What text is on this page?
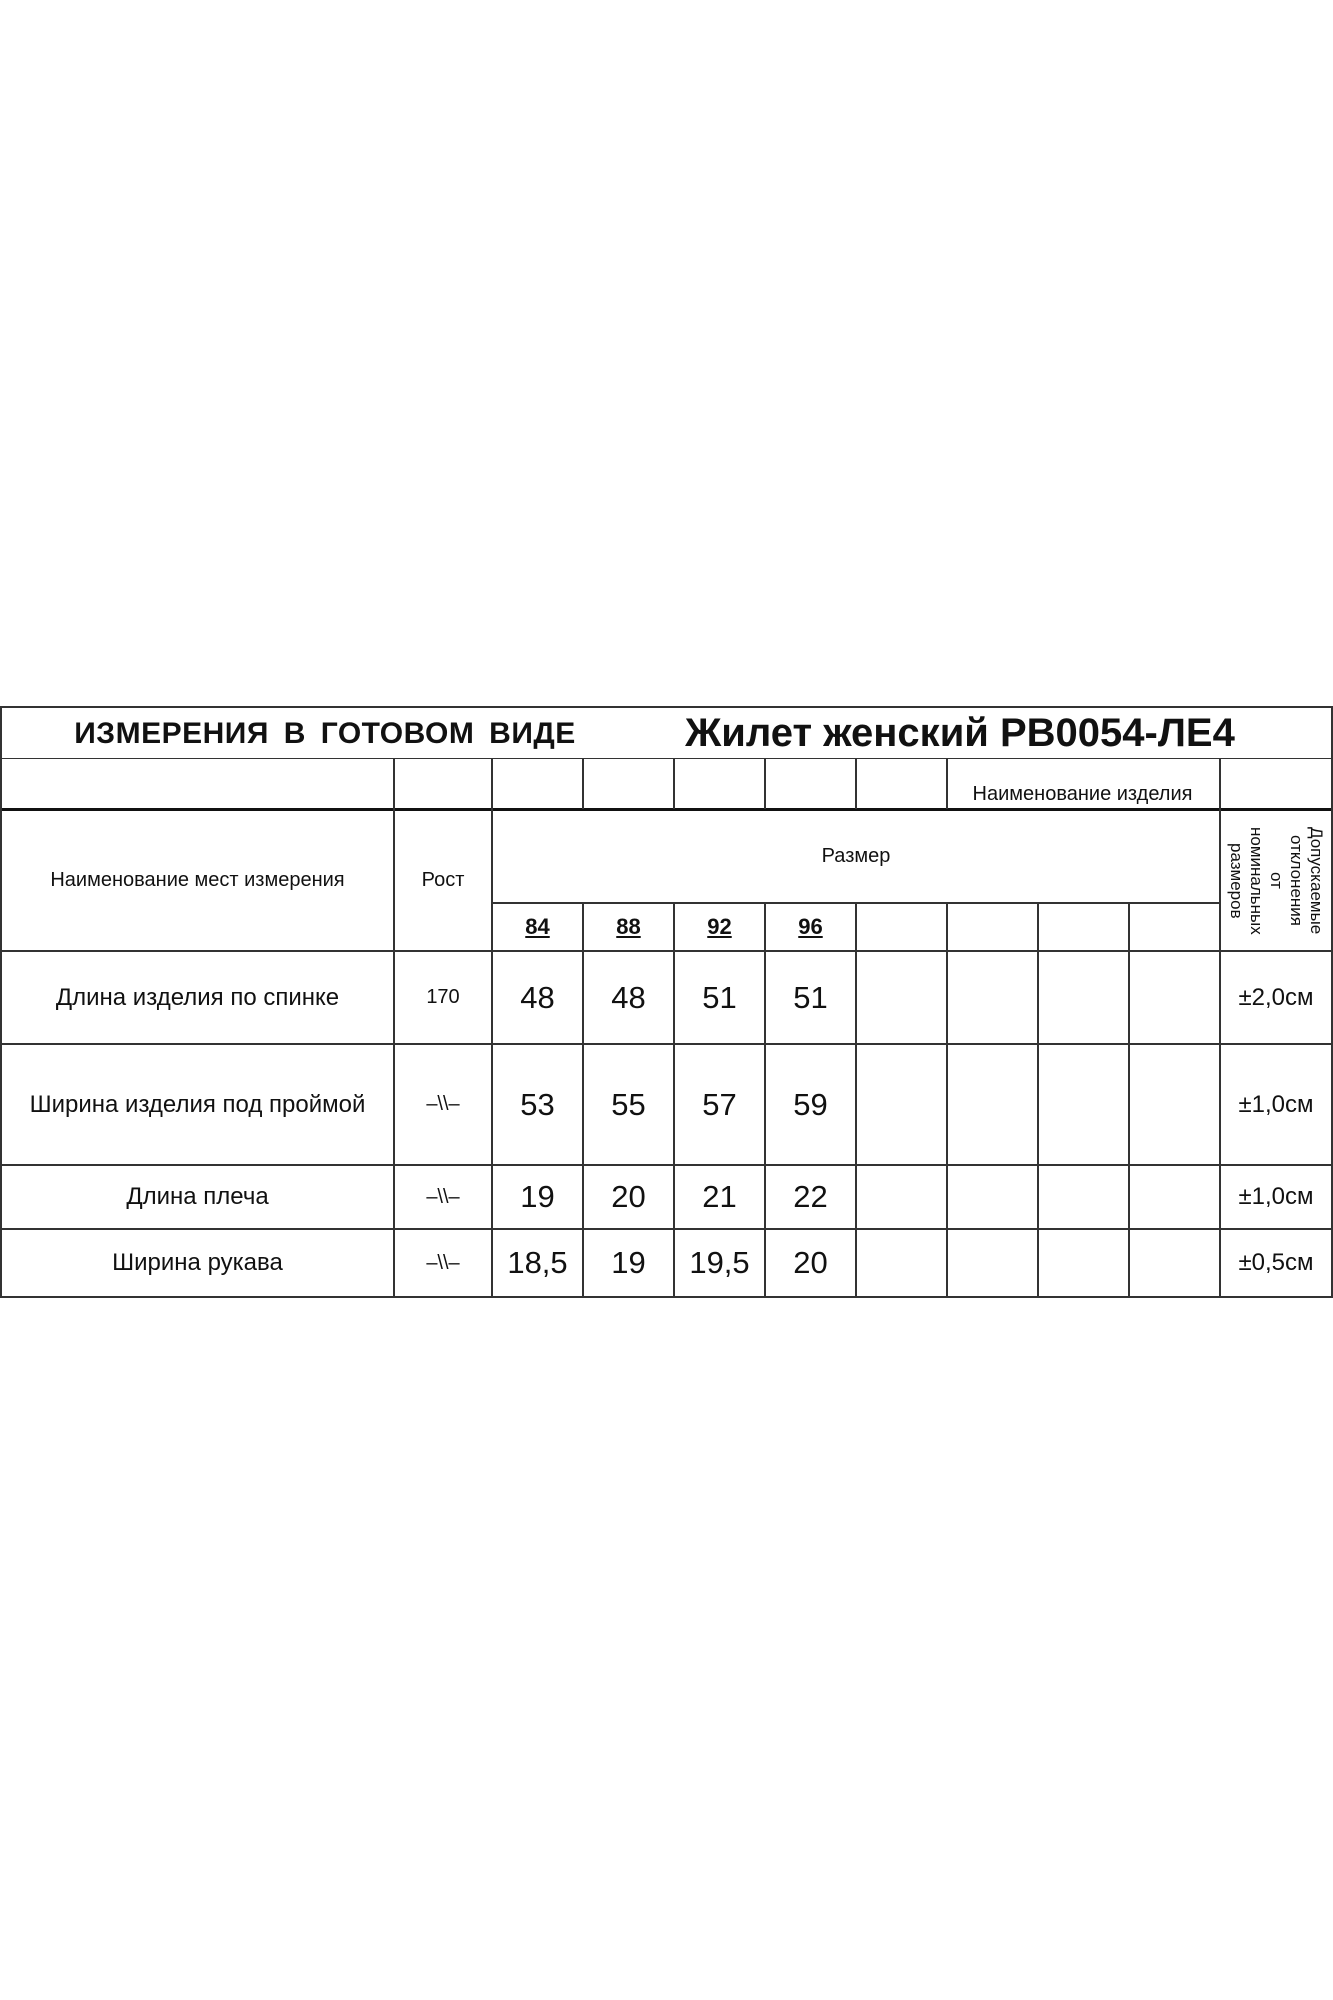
ИЗМЕРЕНИЯ В ГОТОВОМ ВИДЕ	Жилет женский РВ0054-ЛЕ4
Наименование изделия
Наименование мест измерения	Рост
Размер	Допускаемые
отклонения
от
номинальных
размеров
84	88	92	96
Длина изделия по спинке	170	48	48	51	51	±2,0см
Ширина изделия под проймой	–\\–	53	55	57	59	±1,0см
Длина плеча	–\\–	19	20	21	22	±1,0см
Ширина рукава	–\\–	18,5	19	19,5	20	±0,5см
